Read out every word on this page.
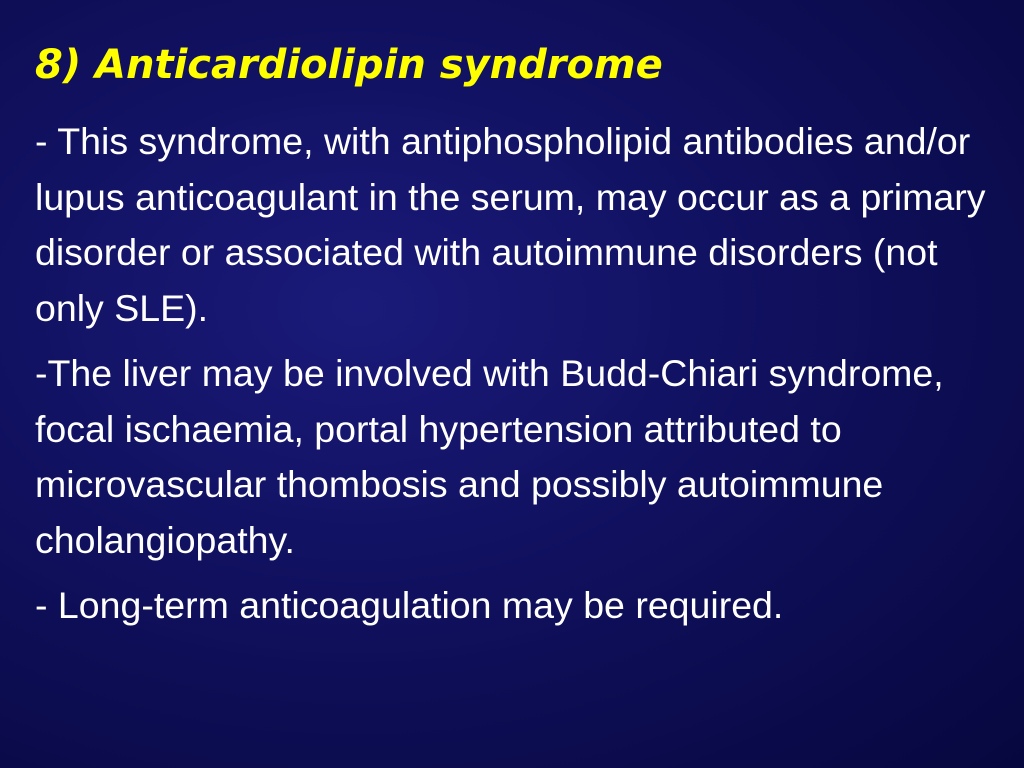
8) Anticardiolipin syndrome

- This syndrome, with antiphospholipid antibodies and/or lupus anticoagulant in the serum, may occur as a primary disorder or associated with autoimmune disorders (not only SLE).

-The liver may be involved with Budd-Chiari syndrome, focal ischaemia, portal hypertension attributed to microvascular thombosis and possibly autoimmune cholangiopathy.

- Long-term anticoagulation may be required.
